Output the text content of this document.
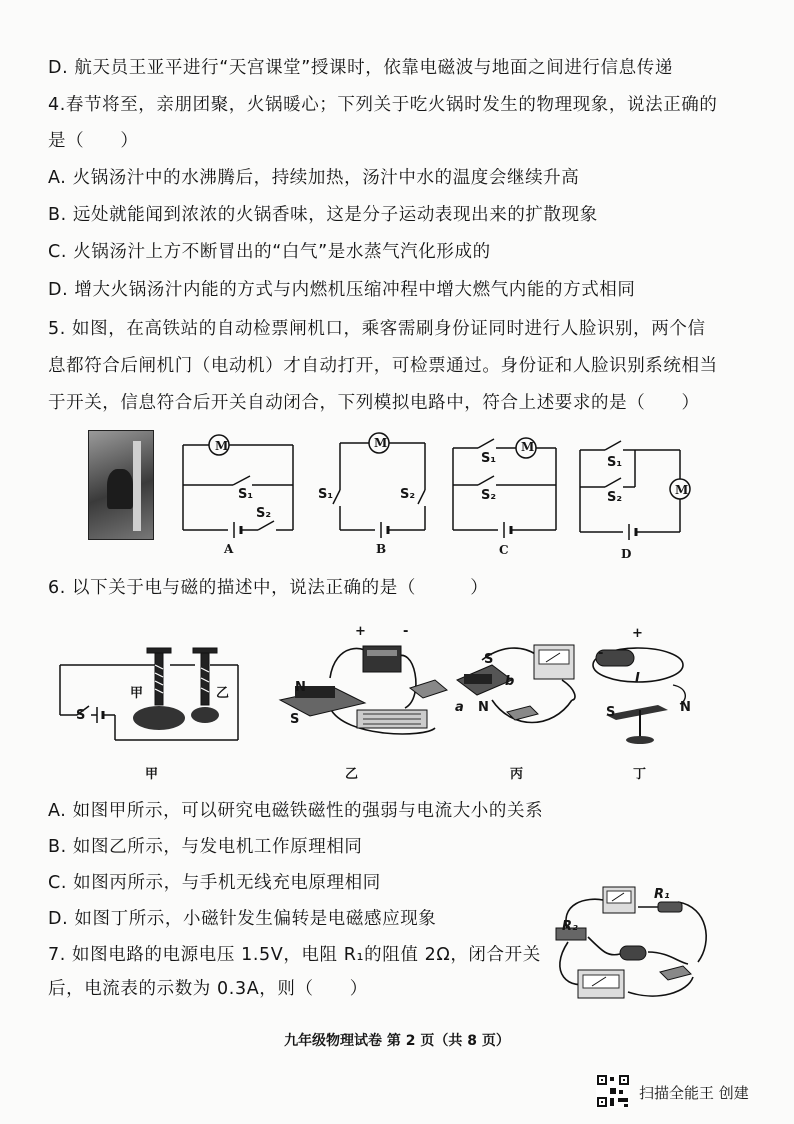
D. 航天员王亚平进行“天宫课堂”授课时，依靠电磁波与地面之间进行信息传递
4.春节将至，亲朋团聚，火锅暖心；下列关于吃火锅时发生的物理现象，说法正确的
是（　　）
A. 火锅汤汁中的水沸腾后，持续加热，汤汁中水的温度会继续升高
B. 远处就能闻到浓浓的火锅香味，这是分子运动表现出来的扩散现象
C. 火锅汤汁上方不断冒出的“白气”是水蒸气汽化形成的
D. 增大火锅汤汁内能的方式与内燃机压缩冲程中增大燃气内能的方式相同
5. 如图，在高铁站的自动检票闸机口，乘客需刷身份证同时进行人脸识别，两个信
息都符合后闸机门（电动机）才自动打开，可检票通过。身份证和人脸识别系统相当
于开关，信息符合后开关自动闭合，下列模拟电路中，符合上述要求的是（　　）
6. 以下关于电与磁的描述中，说法正确的是（　　　）
A. 如图甲所示，可以研究电磁铁磁性的强弱与电流大小的关系
B. 如图乙所示，与发电机工作原理相同
C. 如图丙所示，与手机无线充电原理相同
D. 如图丁所示，小磁针发生偏转是电磁感应现象
7. 如图电路的电源电压 1.5V，电阻 R₁的阻值 2Ω，闭合开关
后，电流表的示数为 0.3A，则（　　）
M
S₁
S₂
A
M
S₁	S₂
B
M
S₁
S₂
C
M
S₁
S₂
D
甲	乙
S
甲
N
S
+	-
乙
S
N
a
b
丙
+
-
I
S	N
丁
R₁
R₂
九年级物理试卷 第 2 页（共 8 页）
扫描全能王 创建
